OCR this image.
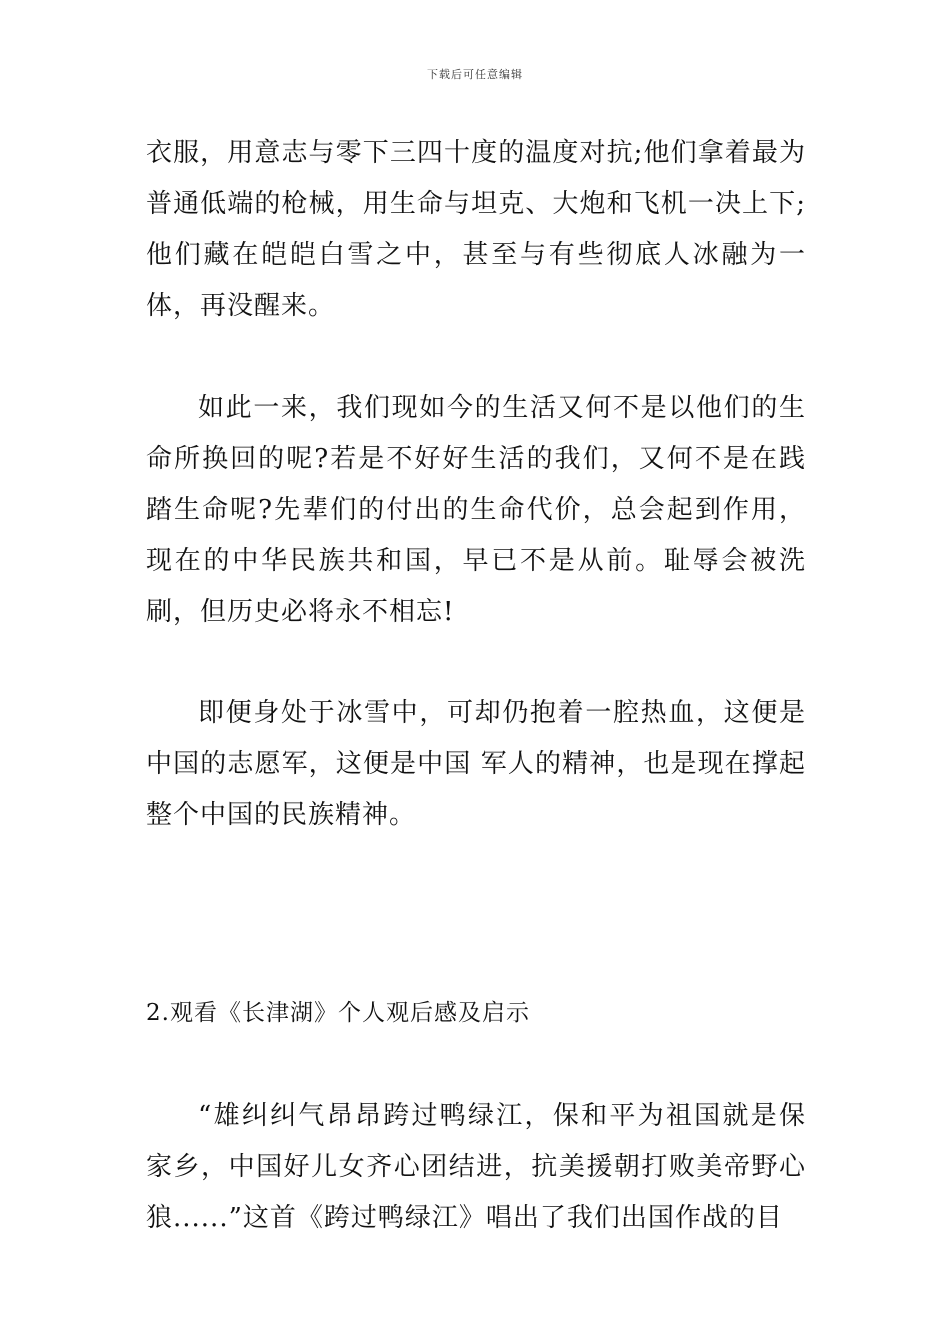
下载后可任意编辑

衣服，用意志与零下三四十度的温度对抗;他们拿着最为普通低端的枪械，用生命与坦克、大炮和飞机一决上下;他们藏在皑皑白雪之中，甚至与有些彻底人冰融为一体，再没醒来。

如此一来，我们现如今的生活又何不是以他们的生命所换回的呢?若是不好好生活的我们，又何不是在践踏生命呢?先辈们的付出的生命代价，总会起到作用，现在的中华民族共和国，早已不是从前。耻辱会被洗刷，但历史必将永不相忘!

即便身处于冰雪中，可却仍抱着一腔热血，这便是中国的志愿军，这便是中国 军人的精神，也是现在撑起整个中国的民族精神。

2.观看《长津湖》个人观后感及启示

“雄纠纠气昂昂跨过鸭绿江，保和平为祖国就是保家乡，中国好儿女齐心团结进，抗美援朝打败美帝野心狼......”这首《跨过鸭绿江》唱出了我们出国作战的目
